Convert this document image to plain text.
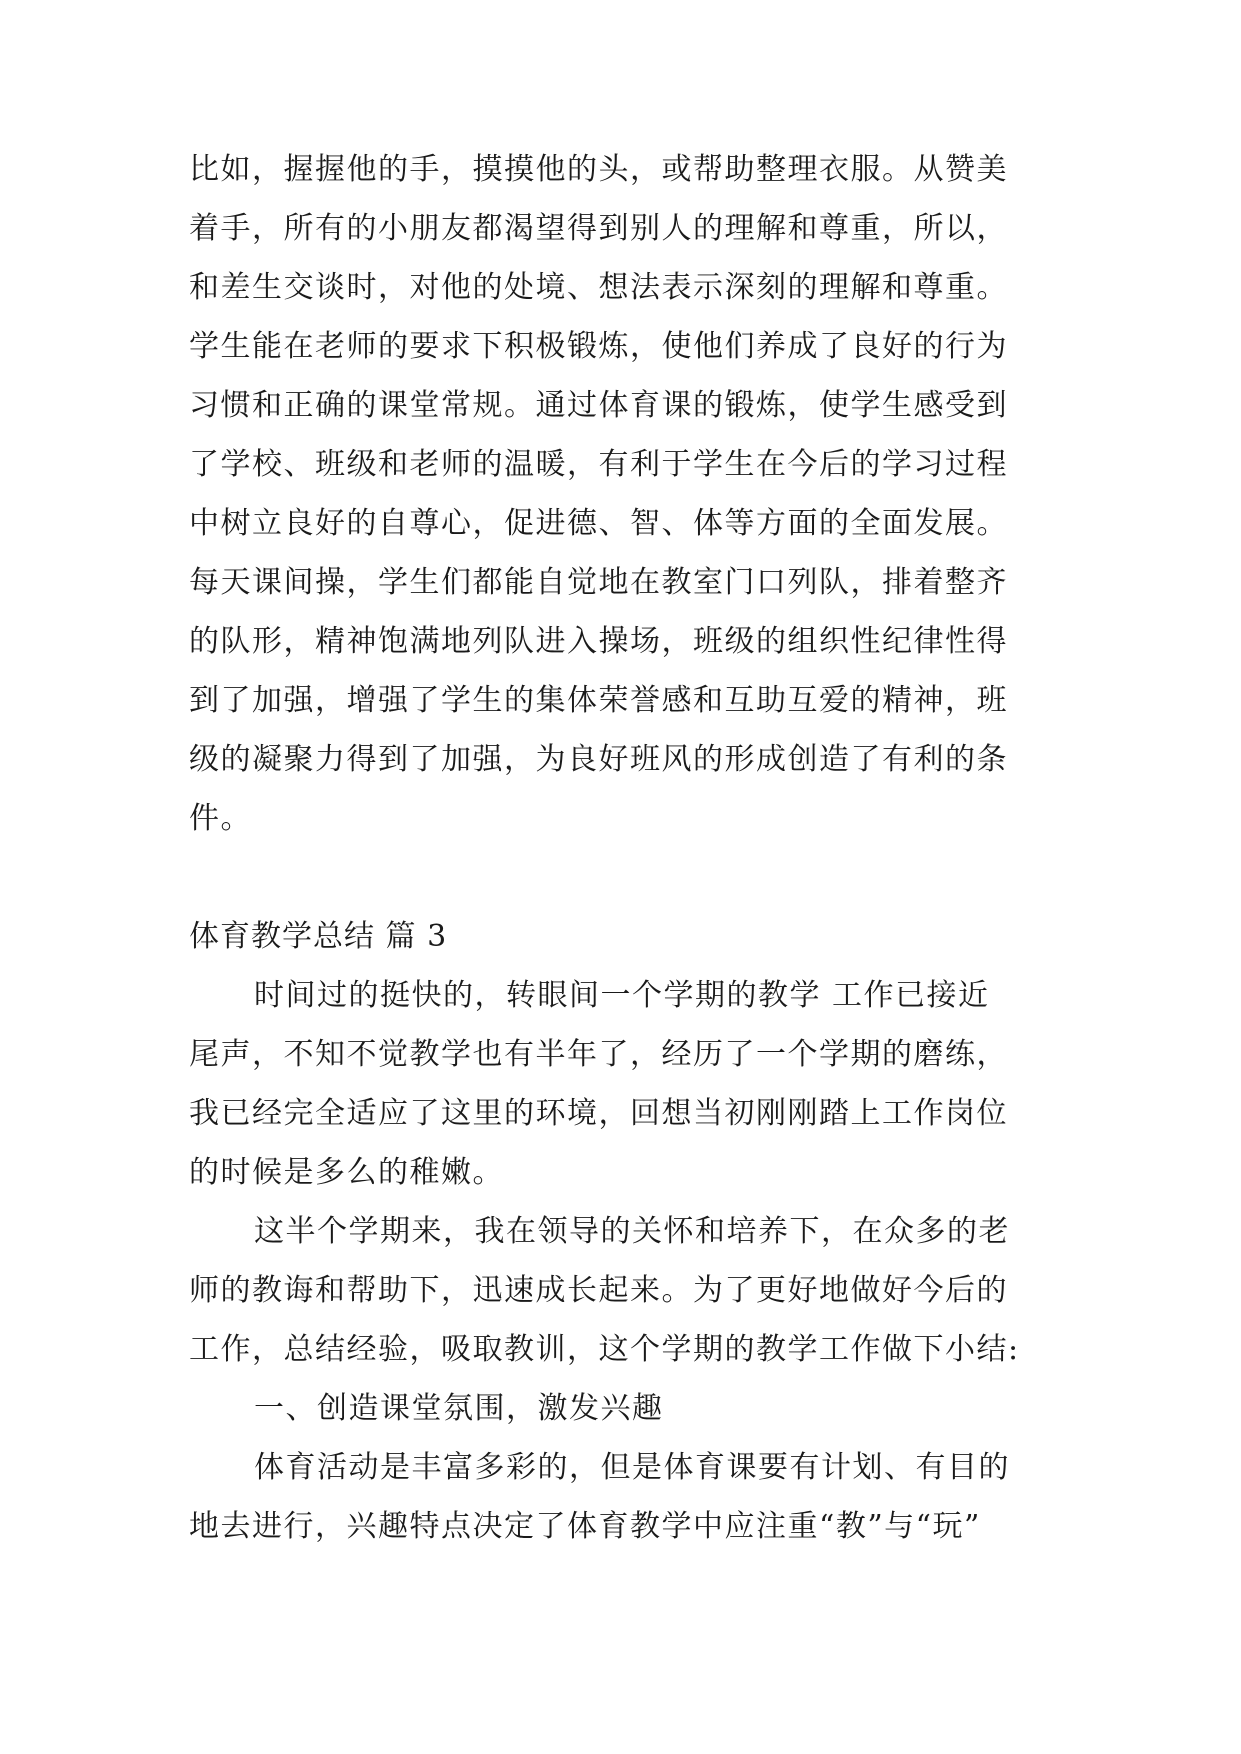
比如，握握他的手，摸摸他的头，或帮助整理衣服。从赞美
着手，所有的小朋友都渴望得到别人的理解和尊重，所以，
和差生交谈时，对他的处境、想法表示深刻的理解和尊重。
学生能在老师的要求下积极锻炼，使他们养成了良好的行为
习惯和正确的课堂常规。通过体育课的锻炼，使学生感受到
了学校、班级和老师的温暖，有利于学生在今后的学习过程
中树立良好的自尊心，促进德、智、体等方面的全面发展。
每天课间操，学生们都能自觉地在教室门口列队，排着整齐
的队形，精神饱满地列队进入操场，班级的组织性纪律性得
到了加强，增强了学生的集体荣誉感和互助互爱的精神，班
级的凝聚力得到了加强，为良好班风的形成创造了有利的条
件。
体育教学总结 篇 3
时间过的挺快的，转眼间一个学期的教学 工作已接近
尾声，不知不觉教学也有半年了，经历了一个学期的磨练，
我已经完全适应了这里的环境，回想当初刚刚踏上工作岗位
的时候是多么的稚嫩。
这半个学期来，我在领导的关怀和培养下，在众多的老
师的教诲和帮助下，迅速成长起来。为了更好地做好今后的
工作，总结经验，吸取教训，这个学期的教学工作做下小结:
一、创造课堂氛围，激发兴趣
体育活动是丰富多彩的，但是体育课要有计划、有目的
地去进行，兴趣特点决定了体育教学中应注重“教”与“玩”
